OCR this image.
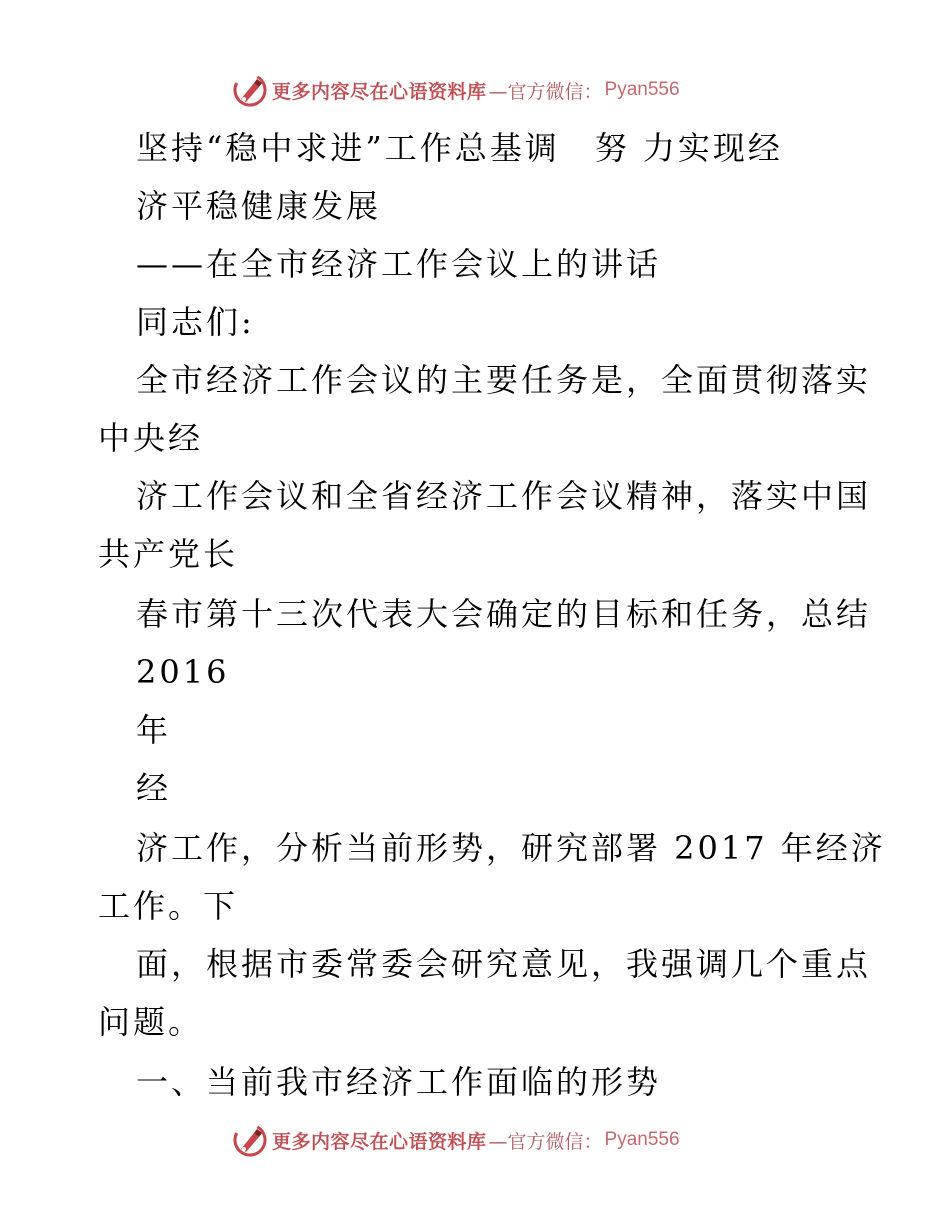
更多内容尽在心语资料库 —官方微信： Pyan556
坚持“稳中求进”工作总基调　努 力实现经
济平稳健康发展
——在全市经济工作会议上的讲话
同志们:
全市经济工作会议的主要任务是，全面贯彻落实
中央经
济工作会议和全省经济工作会议精神，落实中国
共产党长
春市第十三次代表大会确定的目标和任务，总结
2016
年
经
济工作，分析当前形势，研究部署 2017 年经济
工作。下
面，根据市委常委会研究意见，我强调几个重点
问题。
一、当前我市经济工作面临的形势
更多内容尽在心语资料库 —官方微信： Pyan556
